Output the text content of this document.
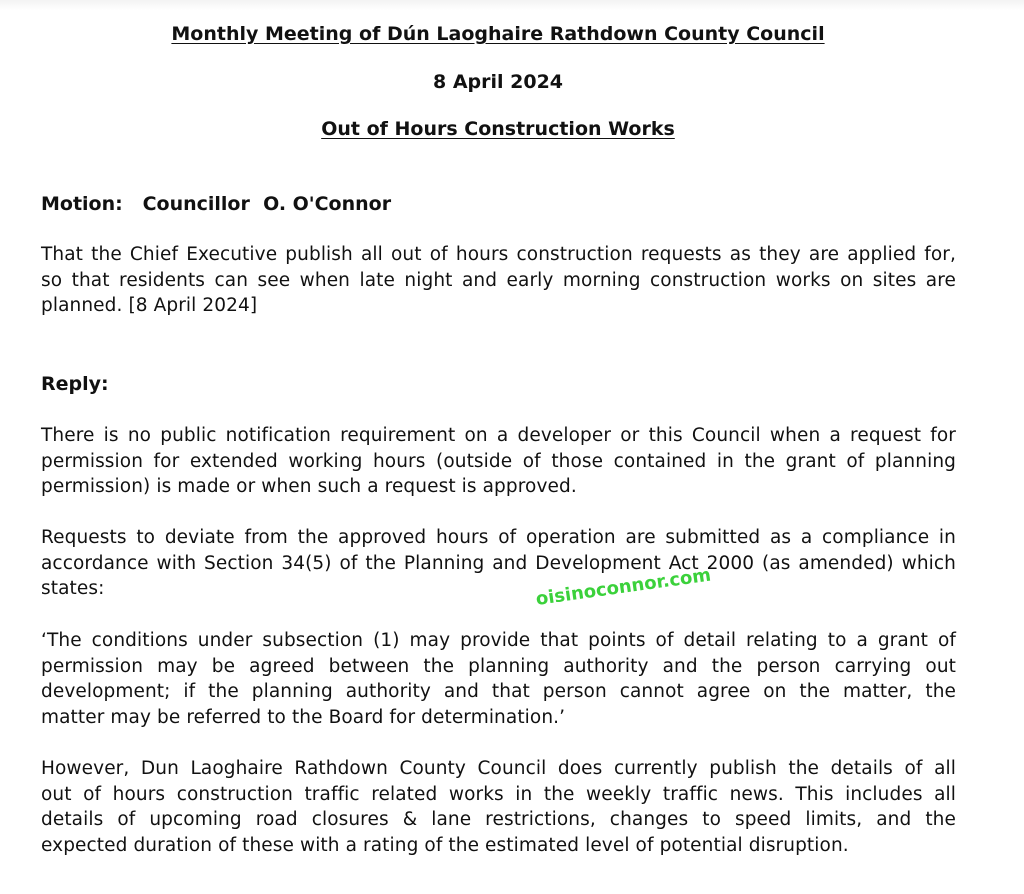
Monthly Meeting of Dún Laoghaire Rathdown County Council

8 April 2024

Out of Hours Construction Works

Motion:   Councillor  O. O'Connor

That the Chief Executive publish all out of hours construction requests as they are applied for,
so that residents can see when late night and early morning construction works on sites are
planned. [8 April 2024]

Reply:

There is no public notification requirement on a developer or this Council when a request for
permission for extended working hours (outside of those contained in the grant of planning
permission) is made or when such a request is approved.

Requests to deviate from the approved hours of operation are submitted as a compliance in
accordance with Section 34(5) of the Planning and Development Act 2000 (as amended) which
states:

‘The conditions under subsection (1) may provide that points of detail relating to a grant of
permission may be agreed between the planning authority and the person carrying out
development; if the planning authority and that person cannot agree on the matter, the
matter may be referred to the Board for determination.’

However, Dun Laoghaire Rathdown County Council does currently publish the details of all
out of hours construction traffic related works in the weekly traffic news. This includes all
details of upcoming road closures & lane restrictions, changes to speed limits, and the
expected duration of these with a rating of the estimated level of potential disruption.

oisinoconnor.com
